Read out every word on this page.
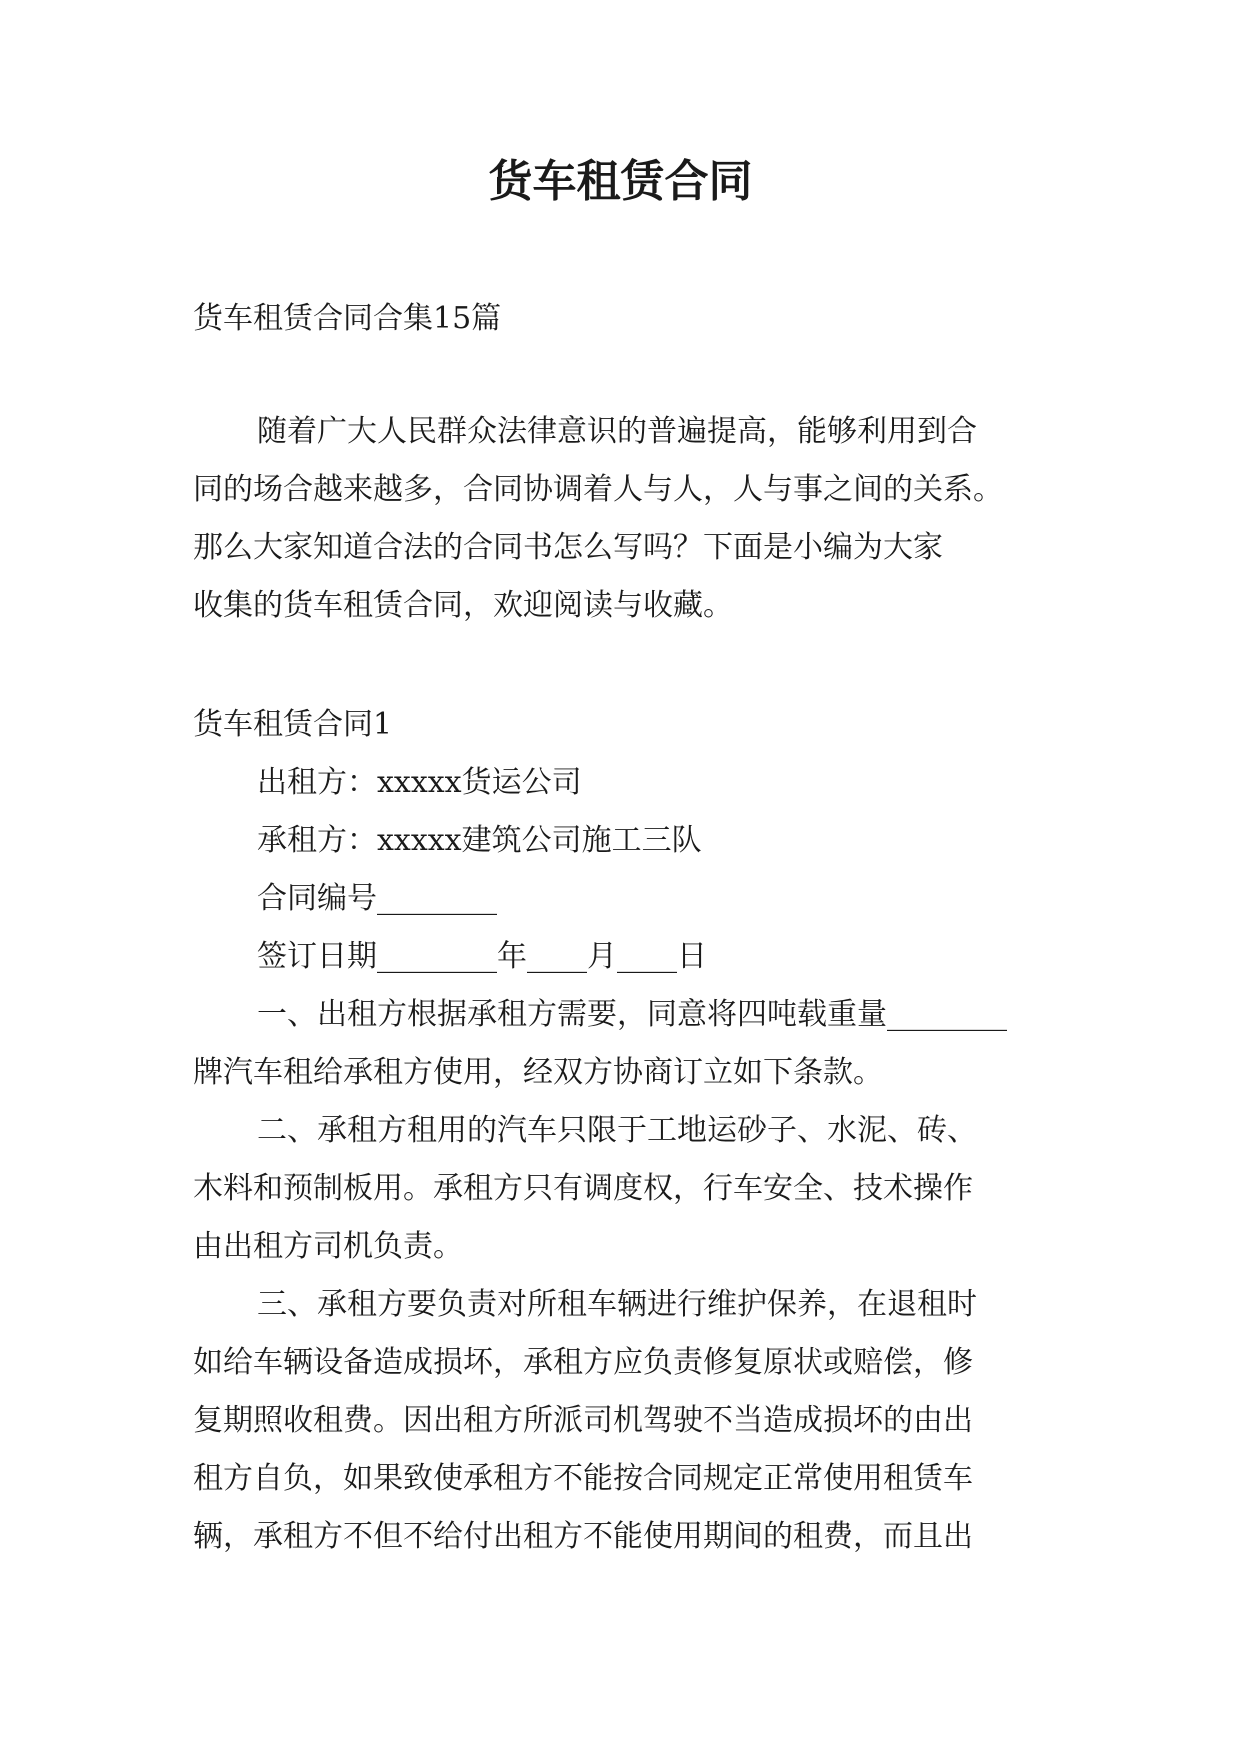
货车租赁合同

货车租赁合同合集15篇

随着广大人民群众法律意识的普遍提高，能够利用到合

同的场合越来越多，合同协调着人与人，人与事之间的关系。

那么大家知道合法的合同书怎么写吗？下面是小编为大家

收集的货车租赁合同，欢迎阅读与收藏。

货车租赁合同1

出租方：xxxxx货运公司

承租方：xxxxx建筑公司施工三队

合同编号________

签订日期________年____月____日

一、出租方根据承租方需要，同意将四吨载重量________

牌汽车租给承租方使用，经双方协商订立如下条款。

二、承租方租用的汽车只限于工地运砂子、水泥、砖、

木料和预制板用。承租方只有调度权，行车安全、技术操作

由出租方司机负责。

三、承租方要负责对所租车辆进行维护保养，在退租时

如给车辆设备造成损坏，承租方应负责修复原状或赔偿，修

复期照收租费。因出租方所派司机驾驶不当造成损坏的由出

租方自负，如果致使承租方不能按合同规定正常使用租赁车

辆，承租方不但不给付出租方不能使用期间的租费，而且出
